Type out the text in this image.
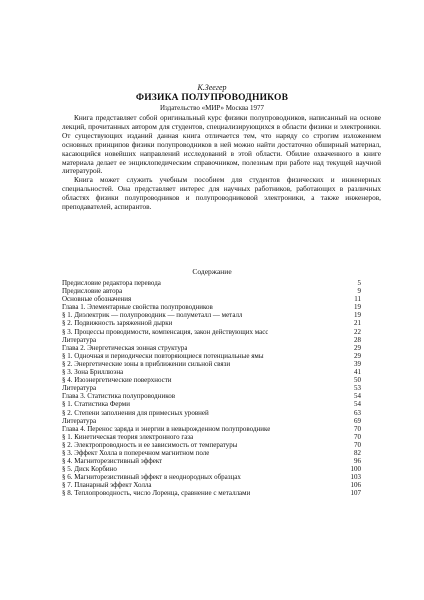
К.Зеегер
ФИЗИКА ПОЛУПРОВОДНИКОВ
Издательство «МИР» Москва 1977

Книга представляет собой оригинальный курс физики полупроводников, написанный на основе лекций, прочитанных автором для студентов, специализирующихся в области физики и электроники. От существующих изданий данная книга отличается тем, что наряду со строгим изложением основных принципов физики полупроводников в ней можно найти достаточно обширный материал, касающийся новейших направлений исследований в этой области. Обилие охваченного в книге материала делает ее энциклопедическим справочником, полезным при работе над текущей научной литературой.

Книга может служить учебным пособием для студентов физических и инженерных специальностей. Она представляет интерес для научных работников, работающих в различных областях физики полупроводников и полупроводниковой электроники, а также инженеров, преподавателей, аспирантов.

Содержание
Предисловие редактора перевода	5
Предисловие автора	9
Основные обозначения	11
Глава 1. Элементарные свойства полупроводников	19
§ 1. Диэлектрик — полупроводник — полуметалл — металл	19
§ 2. Подвижность заряженной дырки	21
§ 3. Процессы проводимости, компенсация, закон действующих масс	22
Литература	28
Глава 2. Энергетическая зонная структура	29
§ 1. Одночная и периодически повторяющиеся потенциальные ямы	29
§ 2. Энергетические зоны в приближении сильной связи	39
§ 3. Зона Бриллюэна	41
§ 4. Изоэнергетические поверхности	50
Литература	53
Глава 3. Статистика полупроводников	54
§ 1. Статистика Ферми	54
§ 2. Степени заполнения для примесных уровней	63
Литература	69
Глава 4. Перенос заряда и энергии в невырожденном полупроводнике	70
§ 1. Кинетическая теория электронного газа	70
§ 2. Электропроводность и ее зависимость от температуры	70
§ 3. Эффект Холла в поперечном магнитном поле	82
§ 4. Магниторезистивный эффект	96
§ 5. Диск Корбино	100
§ 6. Магниторезистивный эффект в неоднородных образцах	103
§ 7. Планарный эффект Холла	106
§ 8. Теплопроводность, число Лоренца, сравнение с металлами	107
